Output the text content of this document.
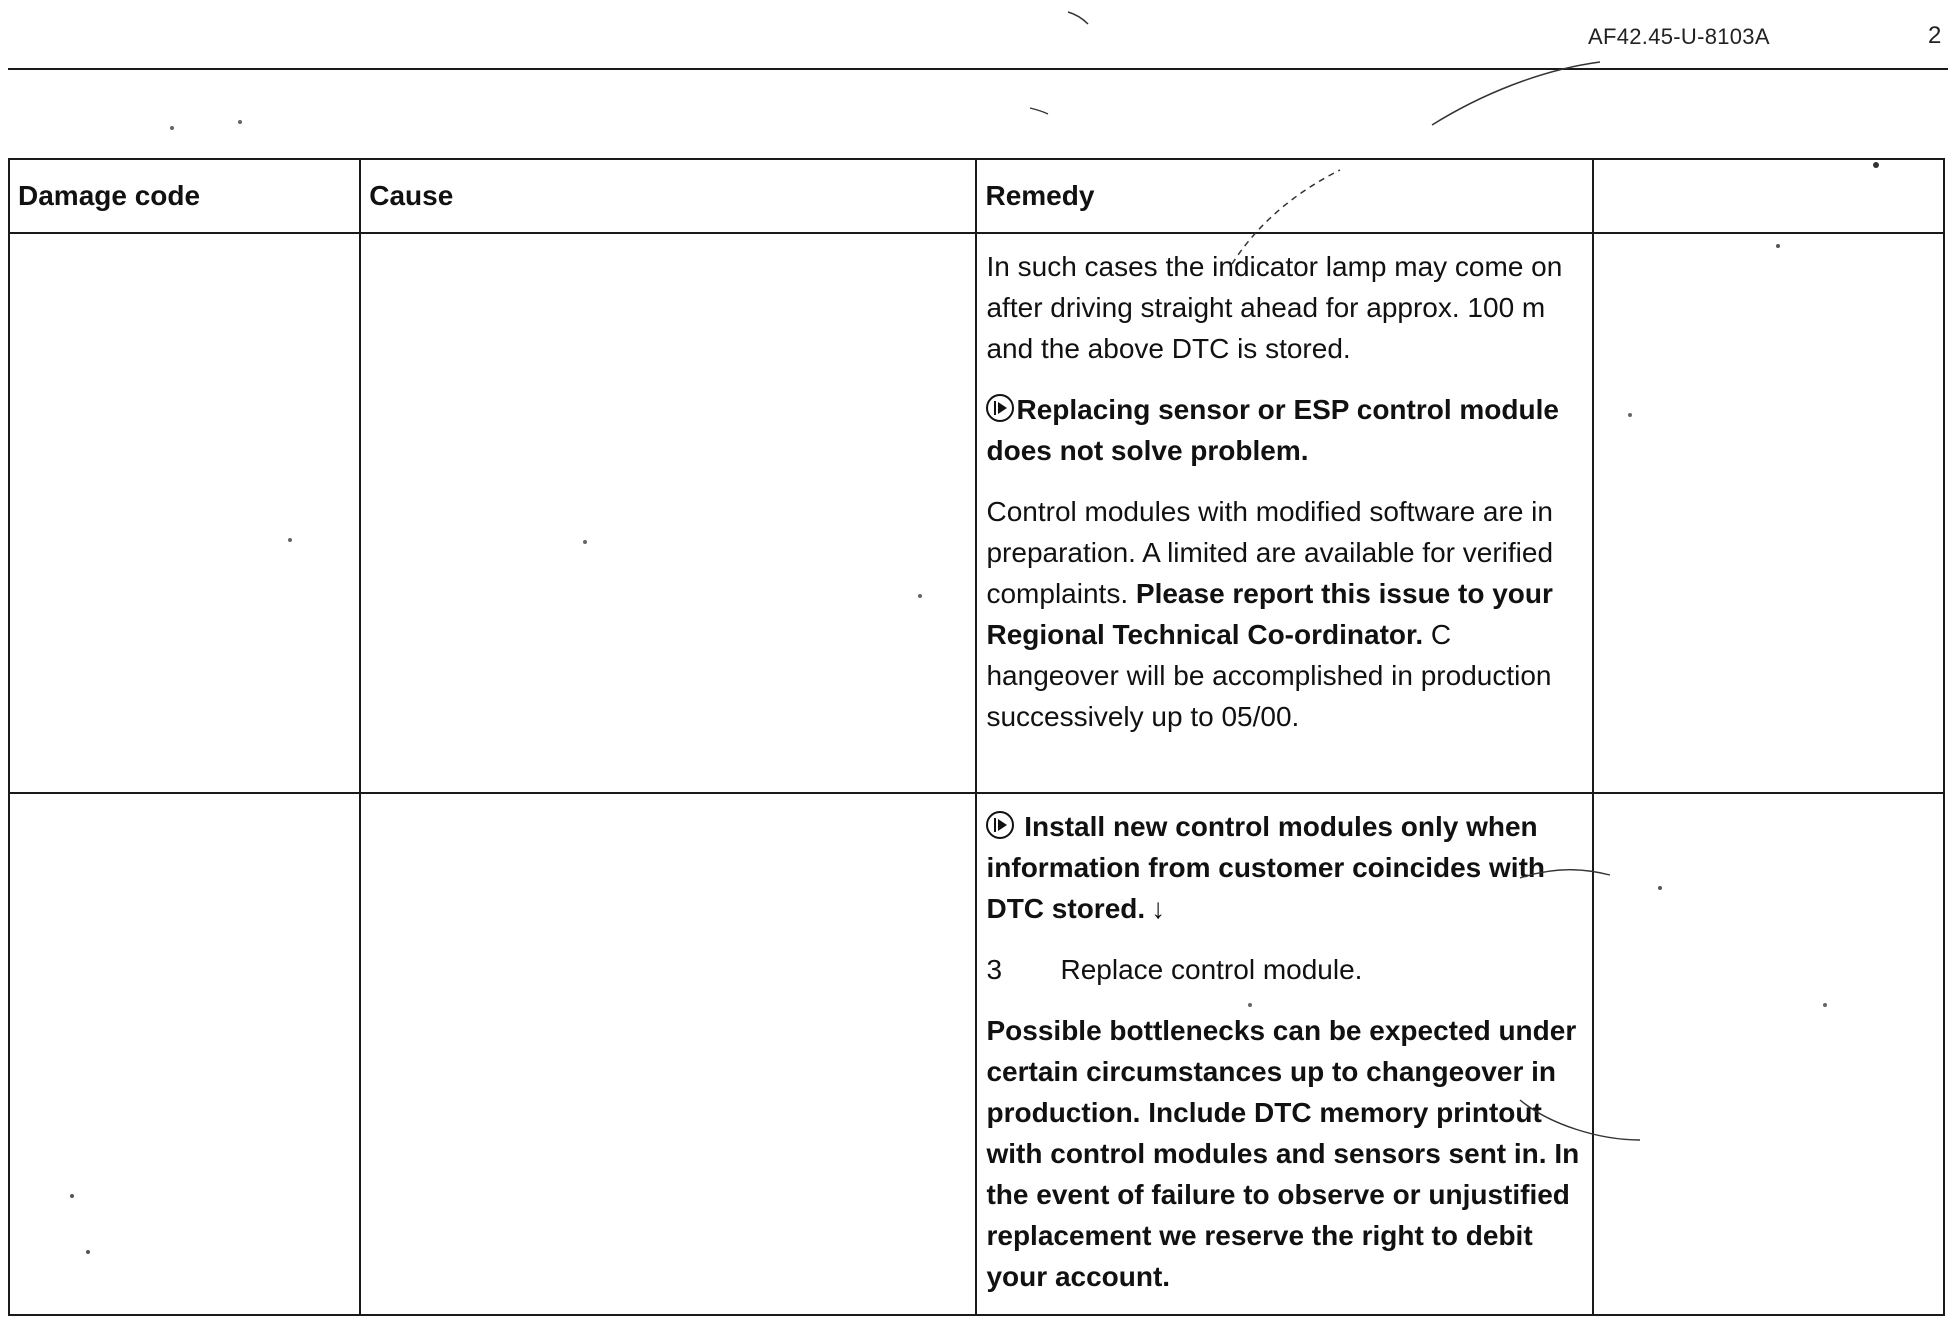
AF42.45-U-8103A	2
Damage code	Cause	Remedy	

		In such cases the indicator lamp may come on after driving straight ahead for approx. 100 m and the above DTC is stored.

Replacing sensor or ESP control module does not solve problem.

Control modules with modified software are in preparation. A limited are available for verified complaints. Please report this issue to your Regional Technical Co-ordinator. C hangeover will be accomplished in production successively up to 05/00.	

		Install new control modules only when information from customer coincides with DTC stored. ↓

3 Replace control module.

Possible bottlenecks can be expected under certain circumstances up to changeover in production. Include DTC memory printout with control modules and sensors sent in. In the event of failure to observe or unjustified replacement we reserve the right to debit your account.	
